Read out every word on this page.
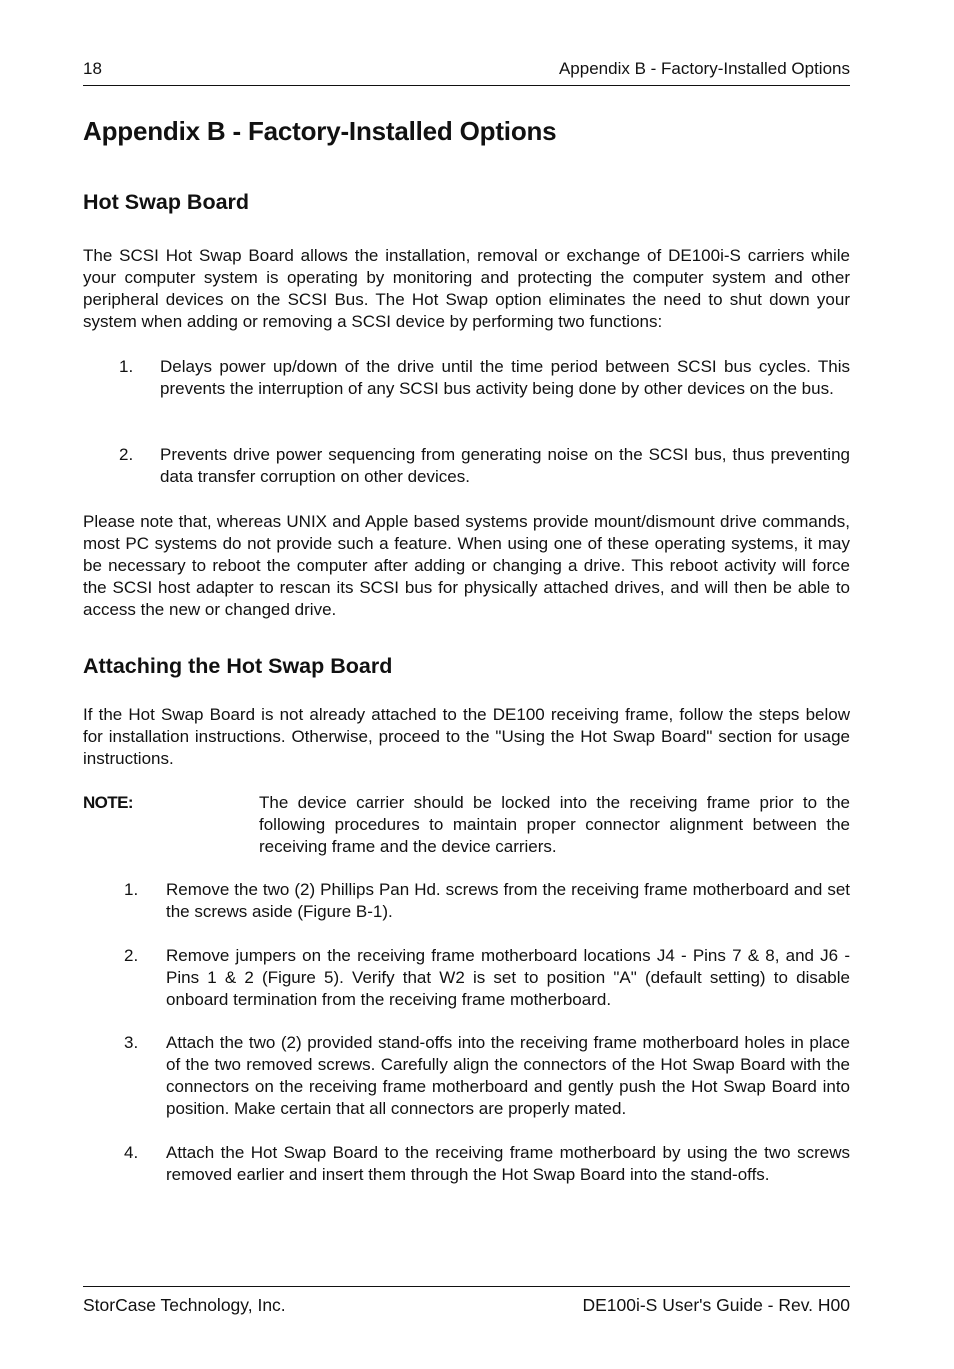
18	Appendix B - Factory-Installed Options
Appendix B - Factory-Installed Options
Hot Swap Board

The SCSI Hot Swap Board allows the installation, removal or exchange of DE100i-S carriers while your computer system is operating by monitoring and protecting the computer system and other peripheral devices on the SCSI Bus. The Hot Swap option eliminates the need to shut down your system when adding or removing a SCSI device by performing two functions:

1. Delays power up/down of the drive until the time period between SCSI bus cycles. This prevents the interruption of any SCSI bus activity being done by other devices on the bus.

2. Prevents drive power sequencing from generating noise on the SCSI bus, thus preventing data transfer corruption on other devices.

Please note that, whereas UNIX and Apple based systems provide mount/dismount drive commands, most PC systems do not provide such a feature. When using one of these operating systems, it may be necessary to reboot the computer after adding or changing a drive. This reboot activity will force the SCSI host adapter to rescan its SCSI bus for physically attached drives, and will then be able to access the new or changed drive.

Attaching the Hot Swap Board

If the Hot Swap Board is not already attached to the DE100 receiving frame, follow the steps below for installation instructions. Otherwise, proceed to the "Using the Hot Swap Board" section for usage instructions.

NOTE:	The device carrier should be locked into the receiving frame prior to the following procedures to maintain proper connector alignment between the receiving frame and the device carriers.

1. Remove the two (2) Phillips Pan Hd. screws from the receiving frame motherboard and set the screws aside (Figure B-1).

2. Remove jumpers on the receiving frame motherboard locations J4 - Pins 7 & 8, and J6 - Pins 1 & 2 (Figure 5). Verify that W2 is set to position "A" (default setting) to disable onboard termination from the receiving frame motherboard.

3. Attach the two (2) provided stand-offs into the receiving frame motherboard holes in place of the two removed screws. Carefully align the connectors of the Hot Swap Board with the connectors on the receiving frame motherboard and gently push the Hot Swap Board into position. Make certain that all connectors are properly mated.

4. Attach the Hot Swap Board to the receiving frame motherboard by using the two screws removed earlier and insert them through the Hot Swap Board into the stand-offs.

StorCase Technology, Inc.	DE100i-S User's Guide - Rev. H00
